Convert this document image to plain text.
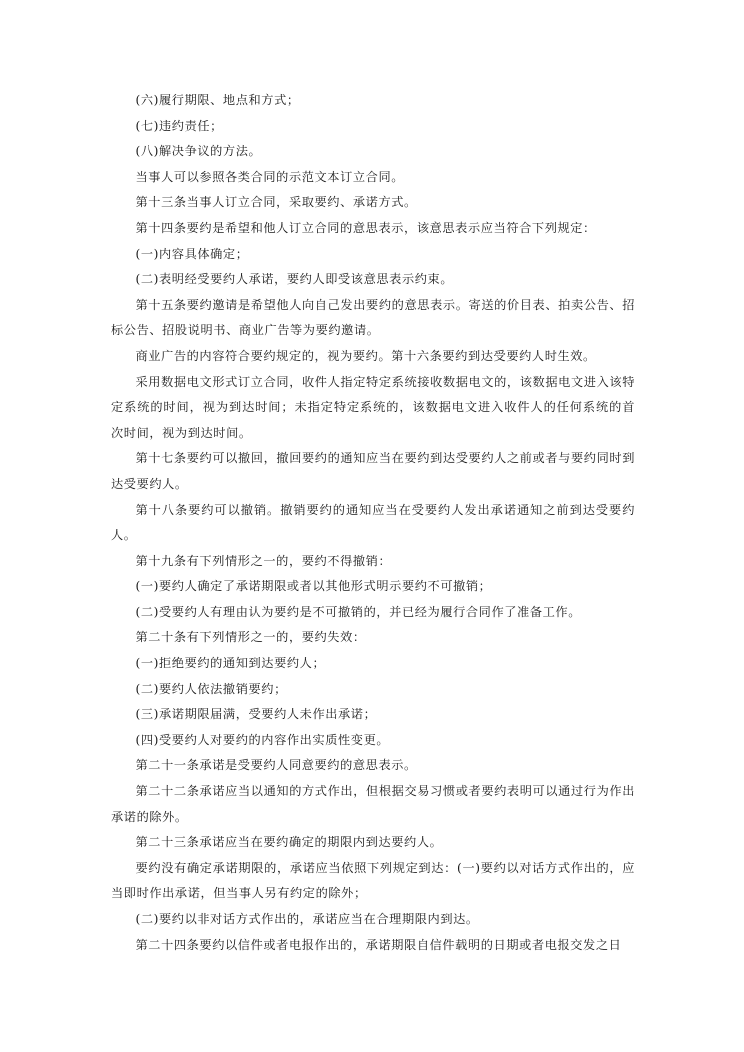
(六)履行期限、地点和方式；

(七)违约责任；

(八)解决争议的方法。

当事人可以参照各类合同的示范文本订立合同。

第十三条当事人订立合同，采取要约、承诺方式。

第十四条要约是希望和他人订立合同的意思表示，该意思表示应当符合下列规定：

(一)内容具体确定；

(二)表明经受要约人承诺，要约人即受该意思表示约束。

第十五条要约邀请是希望他人向自己发出要约的意思表示。寄送的价目表、拍卖公告、招标公告、招股说明书、商业广告等为要约邀请。

商业广告的内容符合要约规定的，视为要约。第十六条要约到达受要约人时生效。

采用数据电文形式订立合同，收件人指定特定系统接收数据电文的，该数据电文进入该特定系统的时间，视为到达时间；未指定特定系统的，该数据电文进入收件人的任何系统的首次时间，视为到达时间。

第十七条要约可以撤回，撤回要约的通知应当在要约到达受要约人之前或者与要约同时到达受要约人。

第十八条要约可以撤销。撤销要约的通知应当在受要约人发出承诺通知之前到达受要约人。

第十九条有下列情形之一的，要约不得撤销：

(一)要约人确定了承诺期限或者以其他形式明示要约不可撤销；

(二)受要约人有理由认为要约是不可撤销的，并已经为履行合同作了准备工作。

第二十条有下列情形之一的，要约失效：

(一)拒绝要约的通知到达要约人；

(二)要约人依法撤销要约；

(三)承诺期限届满，受要约人未作出承诺；

(四)受要约人对要约的内容作出实质性变更。

第二十一条承诺是受要约人同意要约的意思表示。

第二十二条承诺应当以通知的方式作出，但根据交易习惯或者要约表明可以通过行为作出承诺的除外。

第二十三条承诺应当在要约确定的期限内到达要约人。

要约没有确定承诺期限的，承诺应当依照下列规定到达：(一)要约以对话方式作出的，应当即时作出承诺，但当事人另有约定的除外；

(二)要约以非对话方式作出的，承诺应当在合理期限内到达。

第二十四条要约以信件或者电报作出的，承诺期限自信件载明的日期或者电报交发之日
